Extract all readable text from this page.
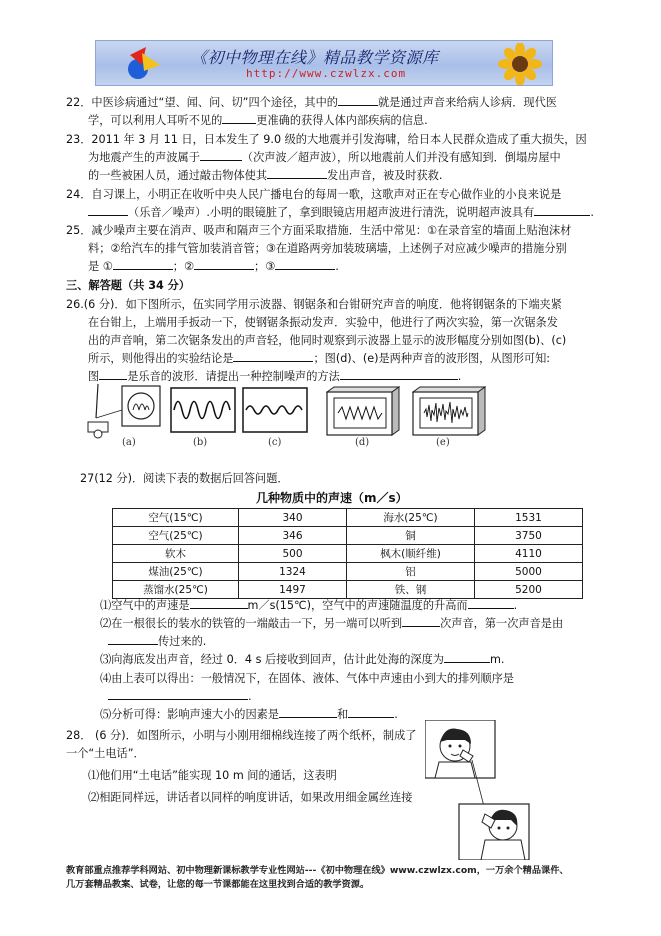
《初中物理在线》精品教学资源库
http://www.czwlzx.com
22．中医诊病通过“望、闻、问、切”四个途径，其中的	就是通过声音来给病人诊病．现代医
学，可以利用人耳听不见的	更准确的获得人体内部疾病的信息.
23．2011 年 3 月 11 日，日本发生了 9.0 级的大地震并引发海啸，给日本人民群众造成了重大损失，因
为地震产生的声波属于	（次声波／超声波），所以地震前人们并没有感知到．倒塌房屋中
的一些被困人员，通过敲击物体使其	发出声音，被及时获救.
24．自习课上，小明正在收听中央人民广播电台的每周一歌，这歌声对正在专心做作业的小良来说是
（乐音／噪声）.小明的眼镜脏了，拿到眼镜店用超声波进行清洗，说明超声波具有	.
25．减少噪声主要在消声、吸声和隔声三个方面采取措施．生活中常见：①在录音室的墙面上贴泡沫材
料；②给汽车的排气管加装消音管；③在道路两旁加装玻璃墙，上述例子对应减少噪声的措施分别
是 ①	；②	；③	.
三、解答题（共 34 分）
26.(6 分)．如下图所示，伍实同学用示波器、钢锯条和台钳研究声音的响度．他将钢锯条的下端夹紧
在台钳上，上端用手扳动一下，使钢锯条振动发声．实验中，他进行了两次实验，第一次锯条发
出的声音响，第二次锯条发出的声音轻，他同时观察到示波器上显示的波形幅度分别如图(b)、(c)
所示，则他得出的实验结论是	；图(d)、(e)是两种声音的波形图，从图形可知:
图	是乐音的波形．请提出一种控制噪声的方法	.
(a)	(b)	(c)	(d)	(e)
27(12 分)．阅读下表的数据后回答问题．
几种物质中的声速（m／s）
空气(15℃)	340	海水(25℃)	1531
空气(25℃)	346	铜	3750
软木	500	枫木(顺纤维)	4110
煤油(25℃)	1324	铝	5000
蒸馏水(25℃)	1497	铁、钢	5200
⑴空气中的声速是	m／s(15℃)，空气中的声速随温度的升高而	.
⑵在一根很长的装水的铁管的一端敲击一下，另一端可以听到	次声音，第一次声音是由
传过来的.
⑶向海底发出声音，经过 0．4 s 后接收到回声，估计此处海的深度为	m.
⑷由上表可以得出：一般情况下，在固体、液体、气体中声速由小到大的排列顺序是
.
⑸分析可得：影响声速大小的因素是	和	.
28． (6 分)．如图所示，小明与小刚用细棉线连接了两个纸杯，制成了
一个“土电话”．
⑴他们用“土电话”能实现 10 m 间的通话，这表明
⑵相距同样远，讲话者以同样的响度讲话，如果改用细金属丝连接
教育部重点推荐学科网站、初中物理新课标教学专业性网站---《初中物理在线》www.czwlzx.com，一万余个精品课件、
几万套精品教案、试卷，让您的每一节课都能在这里找到合适的教学资源。
